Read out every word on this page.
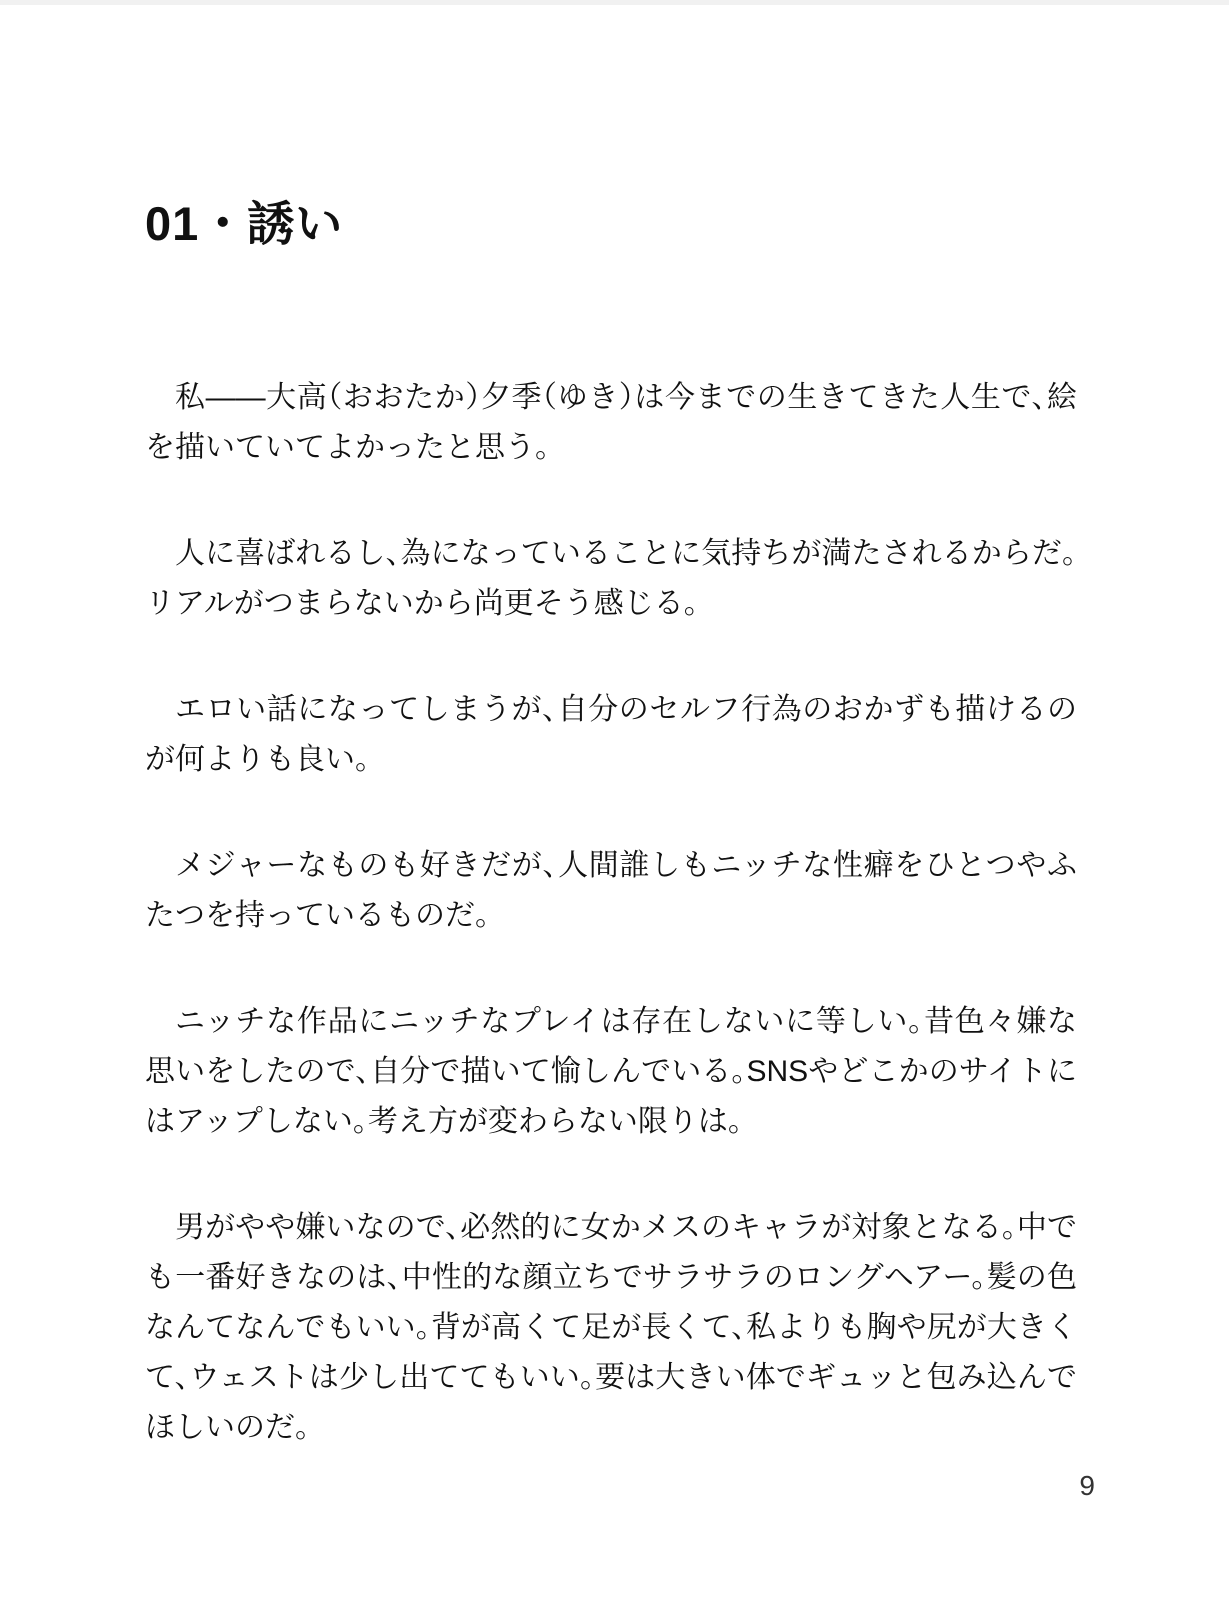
01・誘い

私——大高（おおたか）夕季（ゆき）は今までの生きてきた人生で、絵を描いていてよかったと思う。

人に喜ばれるし、為になっていることに気持ちが満たされるからだ。リアルがつまらないから尚更そう感じる。

エロい話になってしまうが、自分のセルフ行為のおかずも描けるのが何よりも良い。

メジャーなものも好きだが、人間誰しもニッチな性癖をひとつやふたつを持っているものだ。

ニッチな作品にニッチなプレイは存在しないに等しい。昔色々嫌な思いをしたので、自分で描いて愉しんでいる。SNSやどこかのサイトにはアップしない。考え方が変わらない限りは。

男がやや嫌いなので、必然的に女かメスのキャラが対象となる。中でも一番好きなのは、中性的な顔立ちでサラサラのロングヘアー。髪の色なんてなんでもいい。背が高くて足が長くて、私よりも胸や尻が大きくて、ウェストは少し出ててもいい。要は大きい体でギュッと包み込んでほしいのだ。

9
